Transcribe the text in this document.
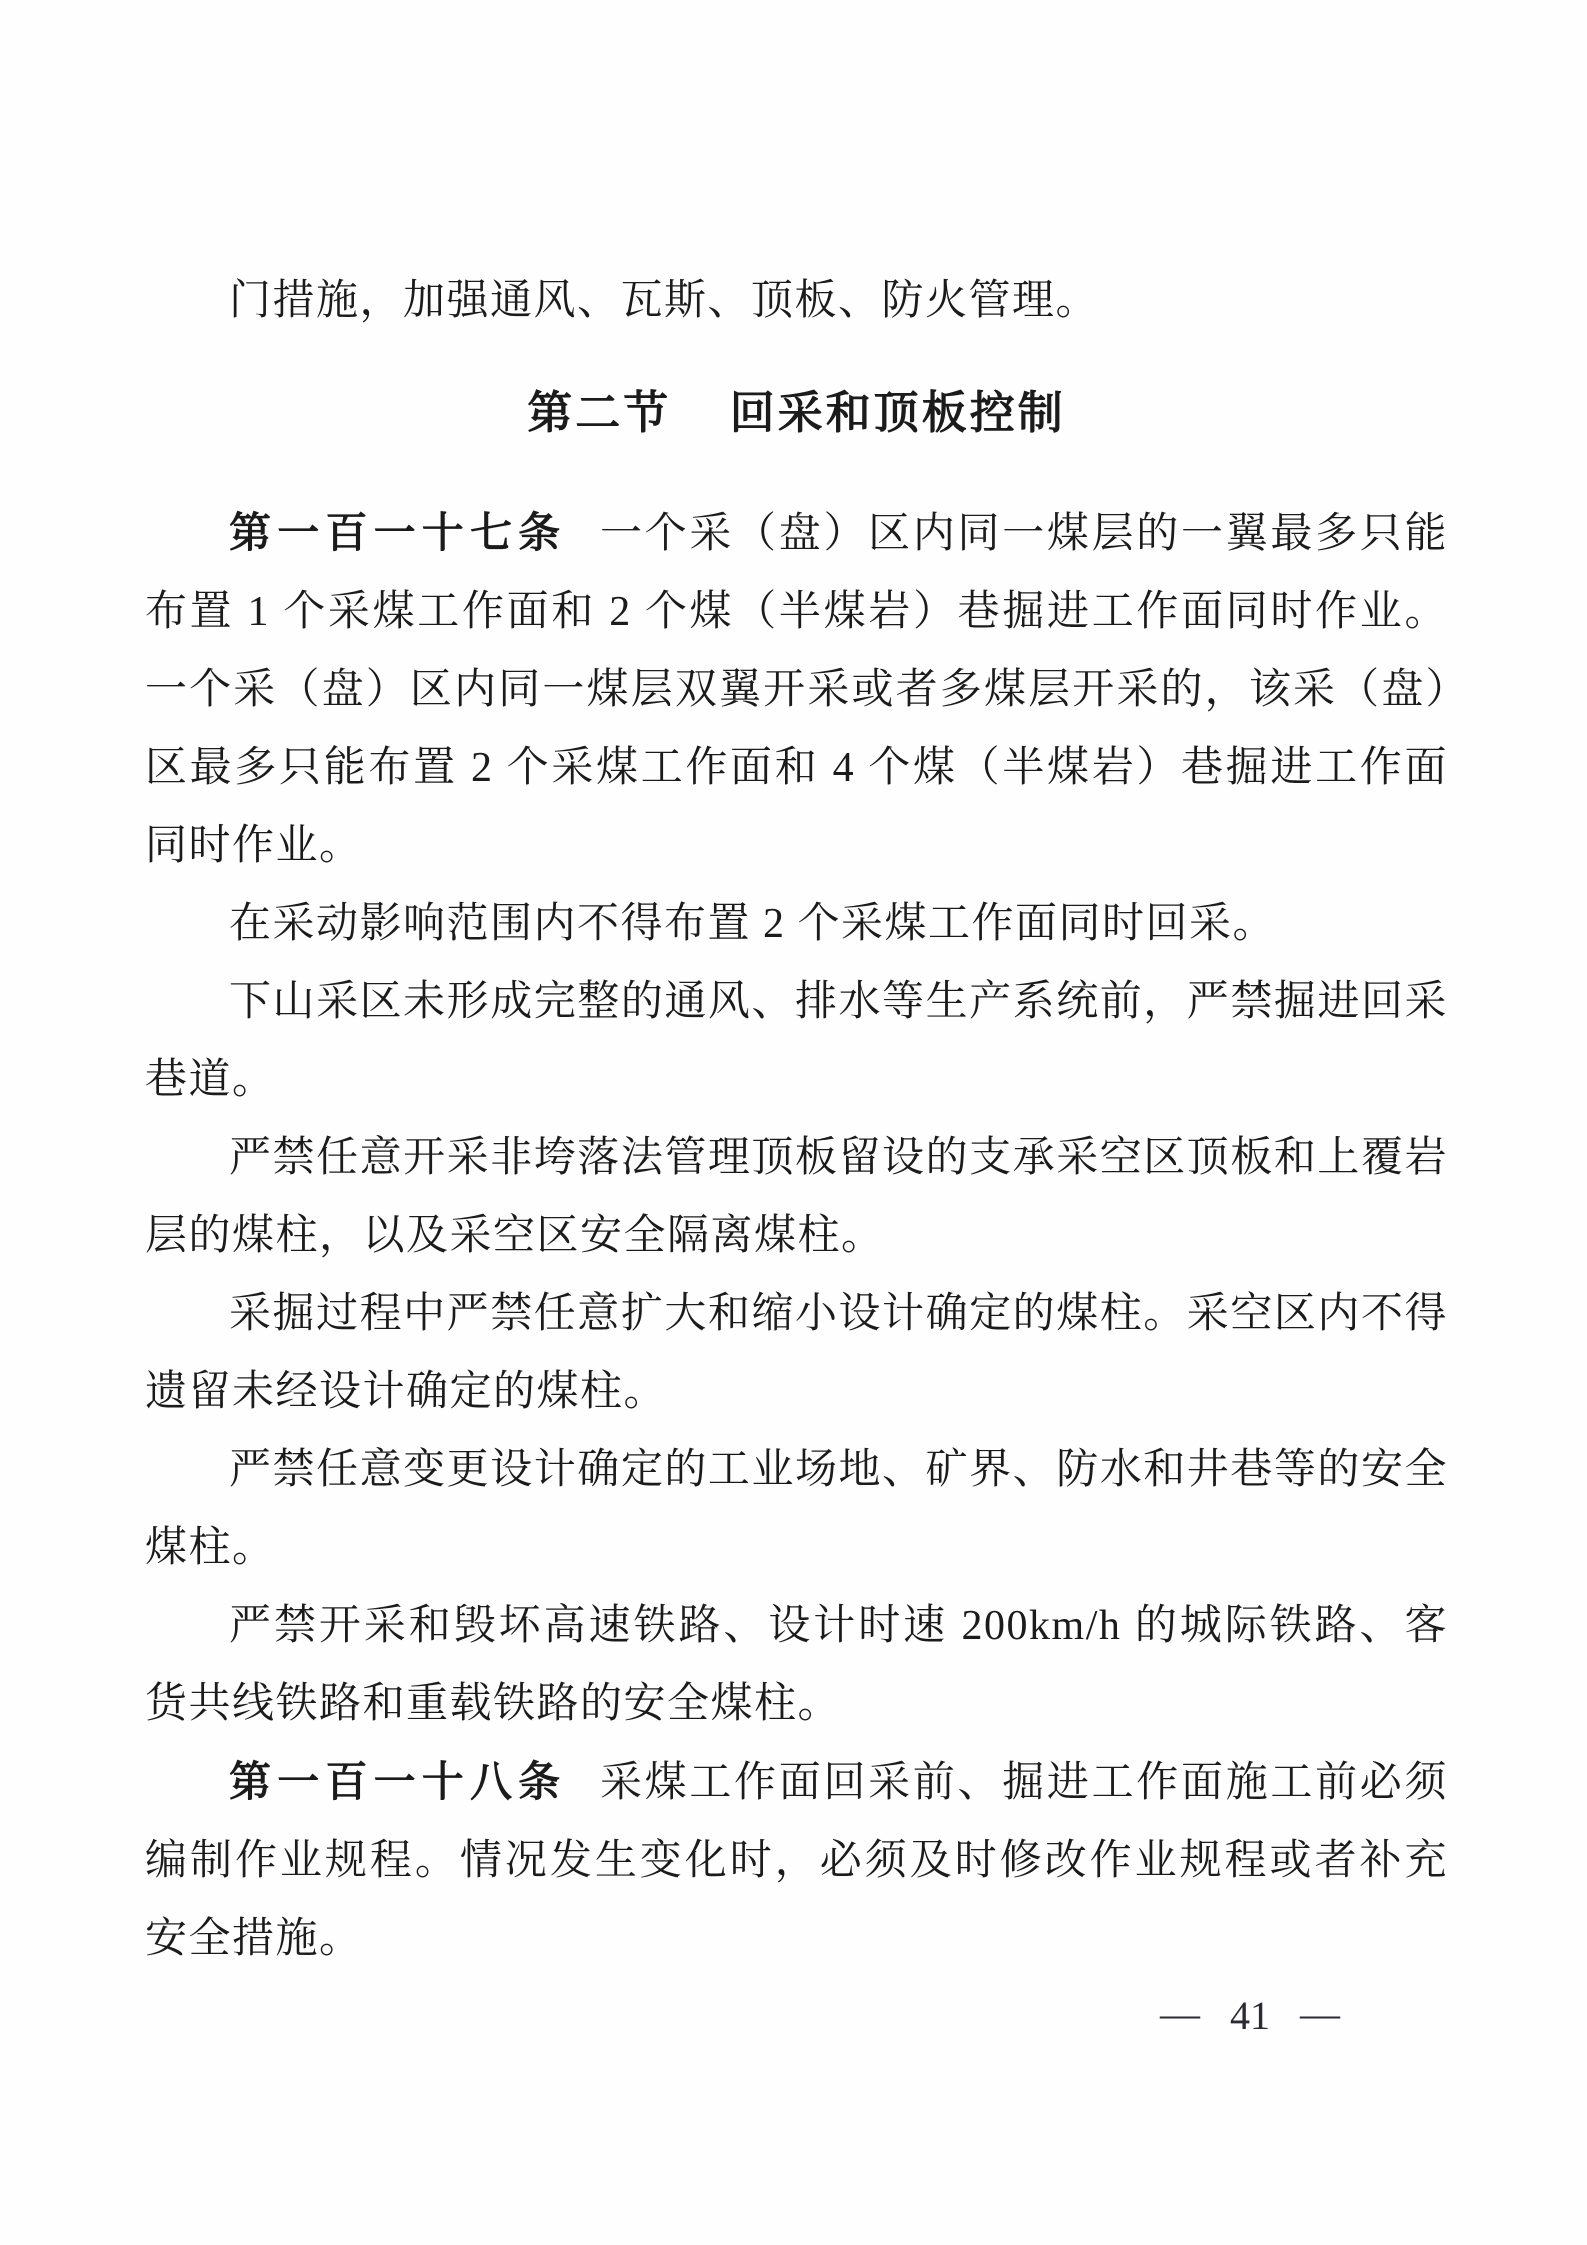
门措施，加强通风、瓦斯、顶板、防火管理。

第二节 回采和顶板控制

第一百一十七条 一个采（盘）区内同一煤层的一翼最多只能布置 1 个采煤工作面和 2 个煤（半煤岩）巷掘进工作面同时作业。一个采（盘）区内同一煤层双翼开采或者多煤层开采的，该采（盘）区最多只能布置 2 个采煤工作面和 4 个煤（半煤岩）巷掘进工作面同时作业。

在采动影响范围内不得布置 2 个采煤工作面同时回采。

下山采区未形成完整的通风、排水等生产系统前，严禁掘进回采巷道。

严禁任意开采非垮落法管理顶板留设的支承采空区顶板和上覆岩层的煤柱，以及采空区安全隔离煤柱。

采掘过程中严禁任意扩大和缩小设计确定的煤柱。采空区内不得遗留未经设计确定的煤柱。

严禁任意变更设计确定的工业场地、矿界、防水和井巷等的安全煤柱。

严禁开采和毁坏高速铁路、设计时速 200km/h 的城际铁路、客货共线铁路和重载铁路的安全煤柱。

第一百一十八条 采煤工作面回采前、掘进工作面施工前必须编制作业规程。情况发生变化时，必须及时修改作业规程或者补充安全措施。

— 41 —
